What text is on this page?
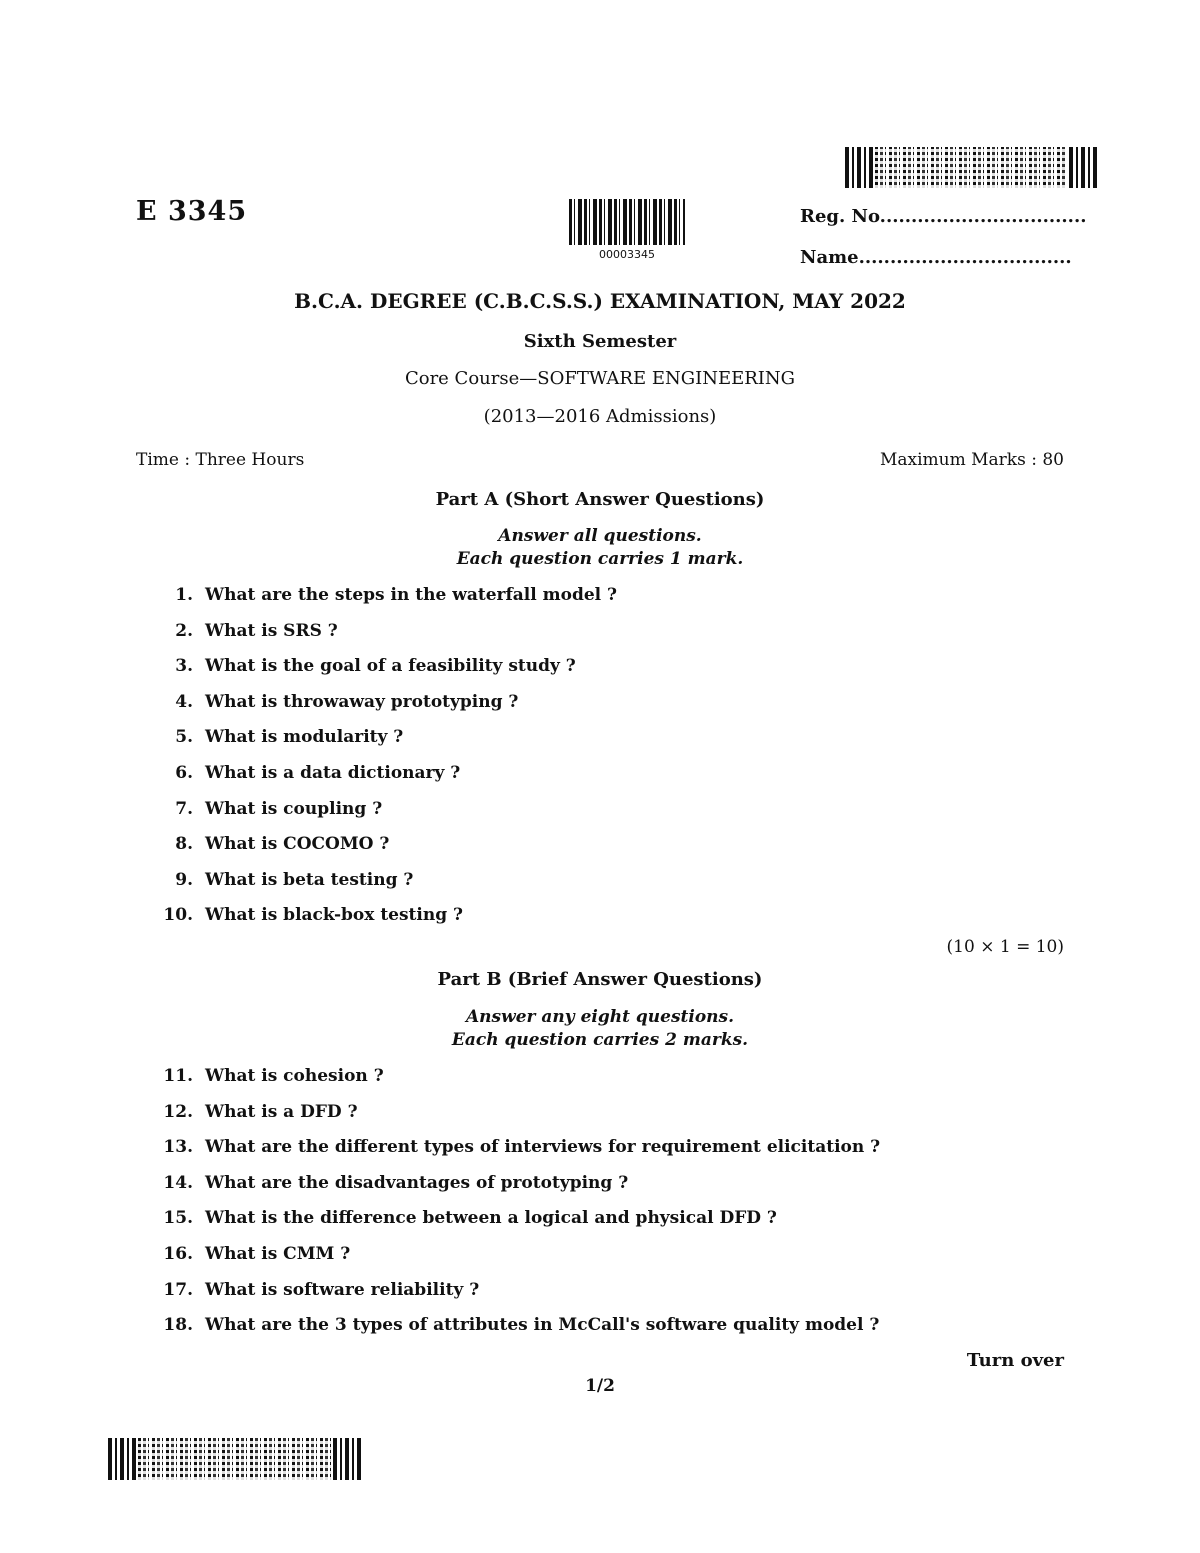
E 3345
00003345
Reg. No.................................
Name..................................
B.C.A. DEGREE (C.B.C.S.S.) EXAMINATION, MAY 2022
Sixth Semester
Core Course—SOFTWARE ENGINEERING
(2013—2016 Admissions)
Time : Three Hours	Maximum Marks : 80
Part A (Short Answer Questions)
Answer all questions.
Each question carries 1 mark.
1. What are the steps in the waterfall model ?
2. What is SRS ?
3. What is the goal of a feasibility study ?
4. What is throwaway prototyping ?
5. What is modularity ?
6. What is a data dictionary ?
7. What is coupling ?
8. What is COCOMO ?
9. What is beta testing ?
10. What is black-box testing ?
(10 × 1 = 10)
Part B (Brief Answer Questions)
Answer any eight questions.
Each question carries 2 marks.
11. What is cohesion ?
12. What is a DFD ?
13. What are the different types of interviews for requirement elicitation ?
14. What are the disadvantages of prototyping ?
15. What is the difference between a logical and physical DFD ?
16. What is CMM ?
17. What is software reliability ?
18. What are the 3 types of attributes in McCall's software quality model ?
Turn over
1/2
